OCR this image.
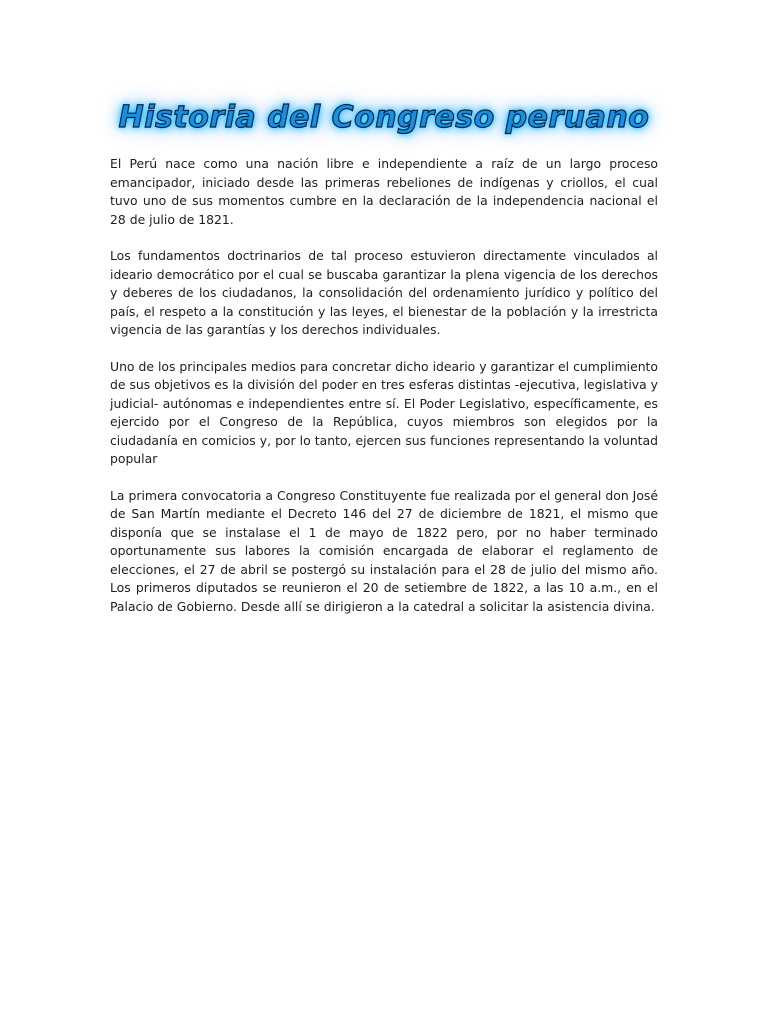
Historia del Congreso peruano

El Perú nace como una nación libre e independiente a raíz de un largo proceso emancipador, iniciado desde las primeras rebeliones de indígenas y criollos, el cual tuvo uno de sus momentos cumbre en la declaración de la independencia nacional el 28 de julio de 1821.

Los fundamentos doctrinarios de tal proceso estuvieron directamente vinculados al ideario democrático por el cual se buscaba garantizar la plena vigencia de los derechos y deberes de los ciudadanos, la consolidación del ordenamiento jurídico y político del país, el respeto a la constitución y las leyes, el bienestar de la población y la irrestricta vigencia de las garantías y los derechos individuales.

Uno de los principales medios para concretar dicho ideario y garantizar el cumplimiento de sus objetivos es la división del poder en tres esferas distintas -ejecutiva, legislativa y judicial- autónomas e independientes entre sí. El Poder Legislativo, específicamente, es ejercido por el Congreso de la República, cuyos miembros son elegidos por la ciudadanía en comicios y, por lo tanto, ejercen sus funciones representando la voluntad popular

La primera convocatoria a Congreso Constituyente fue realizada por el general don José de San Martín mediante el Decreto 146 del 27 de diciembre de 1821, el mismo que disponía que se instalase el 1 de mayo de 1822 pero, por no haber terminado oportunamente sus labores la comisión encargada de elaborar el reglamento de elecciones, el 27 de abril se postergó su instalación para el 28 de julio del mismo año. Los primeros diputados se reunieron el 20 de setiembre de 1822, a las 10 a.m., en el Palacio de Gobierno. Desde allí se dirigieron a la catedral a solicitar la asistencia divina.
